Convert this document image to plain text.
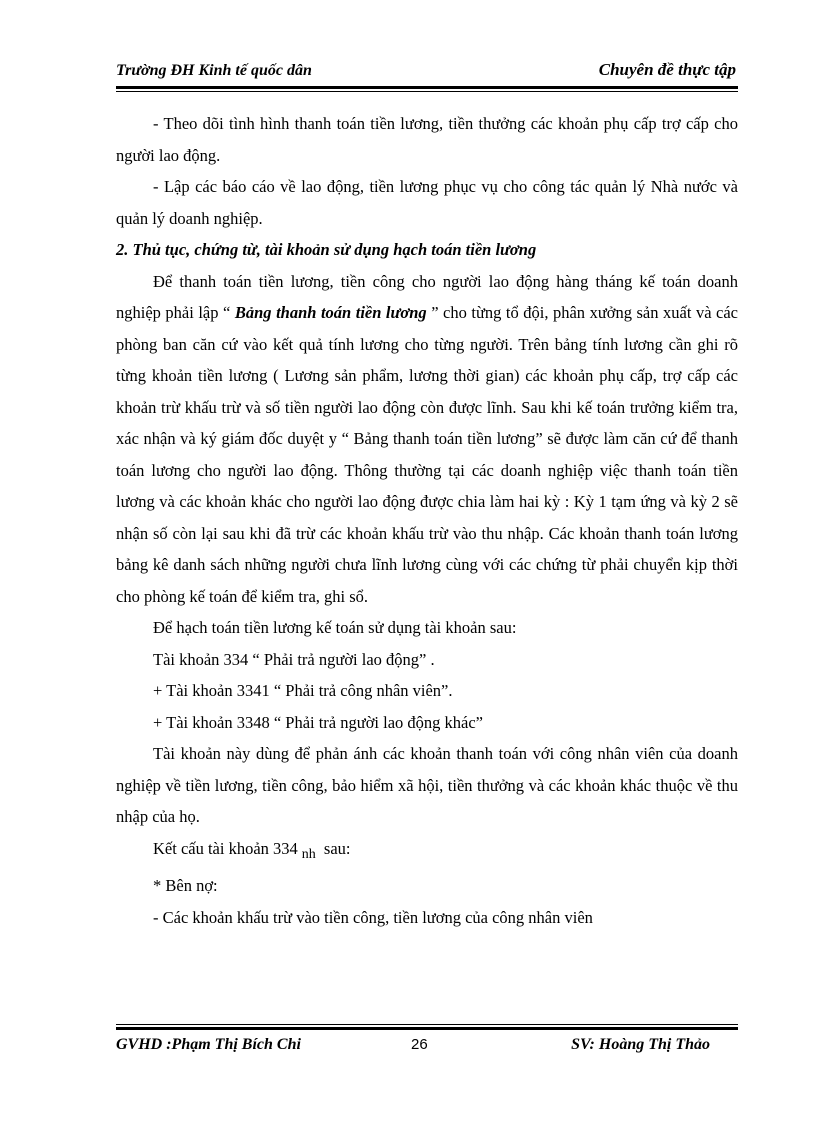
Trường ĐH Kinh tế quốc dân	Chuyên đề thực tập

- Theo dõi tình hình thanh toán tiền lương, tiền thưởng các khoản phụ cấp trợ cấp cho người lao động.

- Lập các báo cáo về lao động, tiền lương phục vụ cho công tác quản lý Nhà nước và quản lý doanh nghiệp.

2. Thủ tục, chứng từ, tài khoản sử dụng hạch toán tiền lương

Để thanh toán tiền lương, tiền công cho người lao động hàng tháng kế toán doanh nghiệp phải lập “ Bảng thanh toán tiền lương ” cho từng tổ đội, phân xưởng sản xuất và các phòng ban căn cứ vào kết quả tính lương cho từng người. Trên bảng tính lương cần ghi rõ từng khoản tiền lương ( Lương sản phẩm, lương thời gian) các khoản phụ cấp, trợ cấp các khoản trừ khấu trừ và số tiền người lao động còn được lĩnh. Sau khi kế toán trưởng kiểm tra, xác nhận và ký giám đốc duyệt y “ Bảng thanh toán tiền lương” sẽ được làm căn cứ để thanh toán lương cho người lao động. Thông thường tại các doanh nghiệp việc thanh toán tiền lương và các khoản khác cho người lao động được chia làm hai kỳ : Kỳ 1 tạm ứng và kỳ 2 sẽ nhận số còn lại sau khi đã trừ các khoản khấu trừ vào thu nhập. Các khoản thanh toán lương bảng kê danh sách những người chưa lĩnh lương cùng với các chứng từ phải chuyển kịp thời cho phòng kế toán để kiểm tra, ghi sổ.

Để hạch toán tiền lương kế toán sử dụng tài khoản sau:

Tài khoản 334 “ Phải trả người lao động” .

+ Tài khoản 3341 “ Phải trả công nhân viên”.

+ Tài khoản 3348 “ Phải trả người lao động khác”

Tài khoản này dùng để phản ánh các khoản thanh toán với công nhân viên của doanh nghiệp về tiền lương, tiền công, bảo hiểm xã hội, tiền thưởng và các khoản khác thuộc về thu nhập của họ.

Kết cấu tài khoản 334 $_{nh}$ sau:

* Bên nợ:

- Các khoản khấu trừ vào tiền công, tiền lương của công nhân viên

GVHD :Phạm Thị Bích Chi	26	SV: Hoàng Thị Thảo
